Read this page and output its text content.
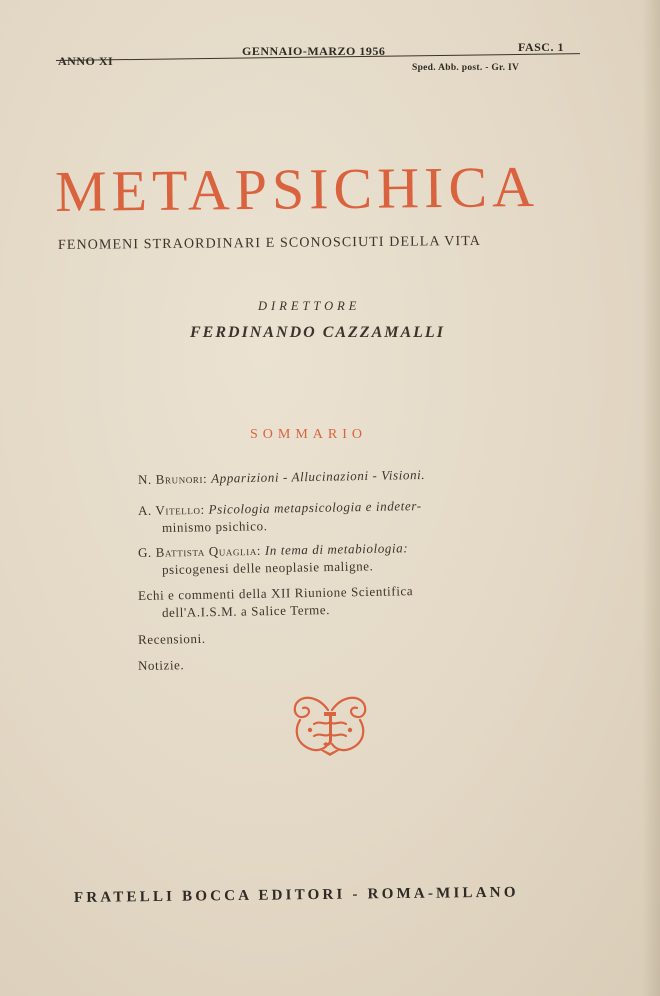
ANNO XI
GENNAIO-MARZO 1956	FASC. 1
Sped. Abb. post. - Gr. IV
METAPSICHICA
FENOMENI STRAORDINARI E SCONOSCIUTI DELLA VITA
DIRETTORE
FERDINANDO CAZZAMALLI
SOMMARIO
N. Brunori: Apparizioni - Allucinazioni - Visioni.
A. Vitello: Psicologia metapsicologia e indeter-
minismo psichico.
G. Battista Quaglia: In tema di metabiologia:
psicogenesi delle neoplasie maligne.
Echi e commenti della XII Riunione Scientifica
dell'A.I.S.M. a Salice Terme.
Recensioni.
Notizie.
FRATELLI BOCCA EDITORI - ROMA-MILANO
